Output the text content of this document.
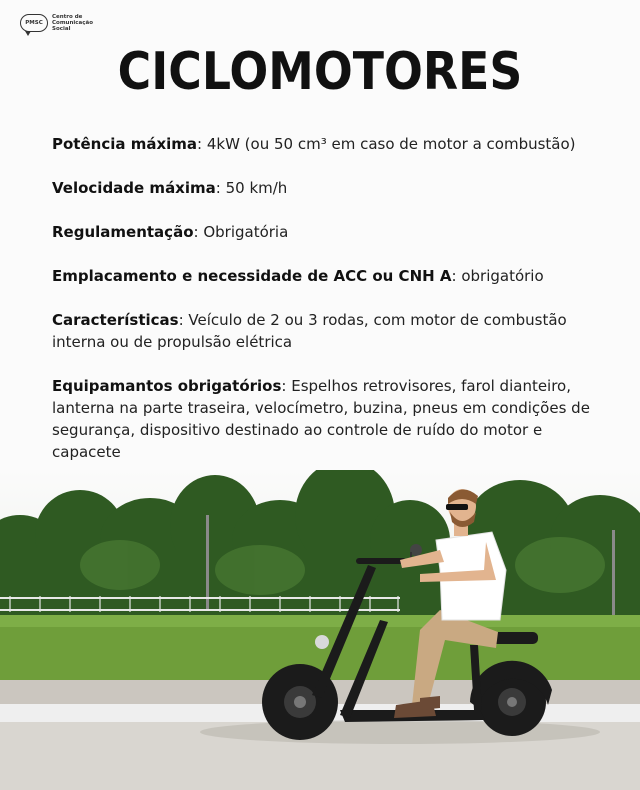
PMSC
Centro de Comunicação Social
CICLOMOTORES

Potência máxima: 4kW (ou 50 cm³ em caso de motor a combustão)

Velocidade máxima: 50 km/h

Regulamentação: Obrigatória

Emplacamento e necessidade de ACC ou CNH A: obrigatório

Características: Veículo de 2 ou 3 rodas, com motor de combustão interna ou de propulsão elétrica

Equipamantos obrigatórios: Espelhos retrovisores, farol dianteiro, lanterna na parte traseira, velocímetro, buzina, pneus em condições de segurança, dispositivo destinado ao controle de ruído do motor e capacete
